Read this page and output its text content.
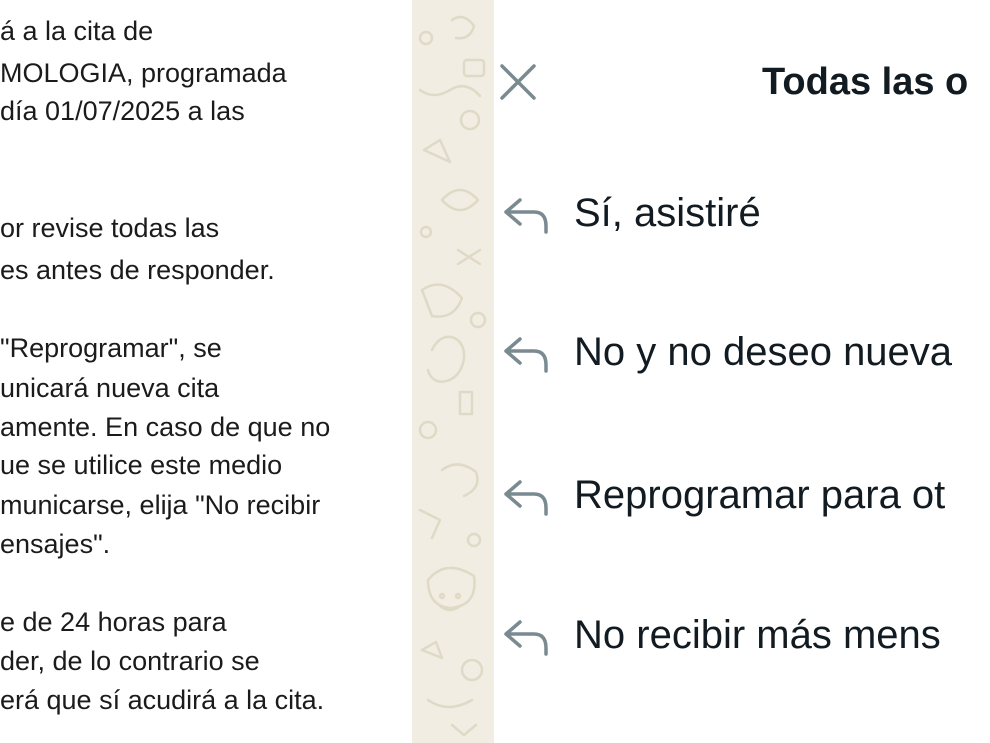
á a la cita de
MOLOGIA, programada
día 01/07/2025 a las
or revise todas las
es antes de responder.
"Reprogramar", se
unicará nueva cita
amente. En caso de que no
ue se utilice este medio
municarse, elija "No recibir
ensajes".
e de 24 horas para
der, de lo contrario se
erá que sí acudirá a la cita.
Todas las o
Sí, asistiré
No y no deseo nueva
Reprogramar para ot
No recibir más mens
